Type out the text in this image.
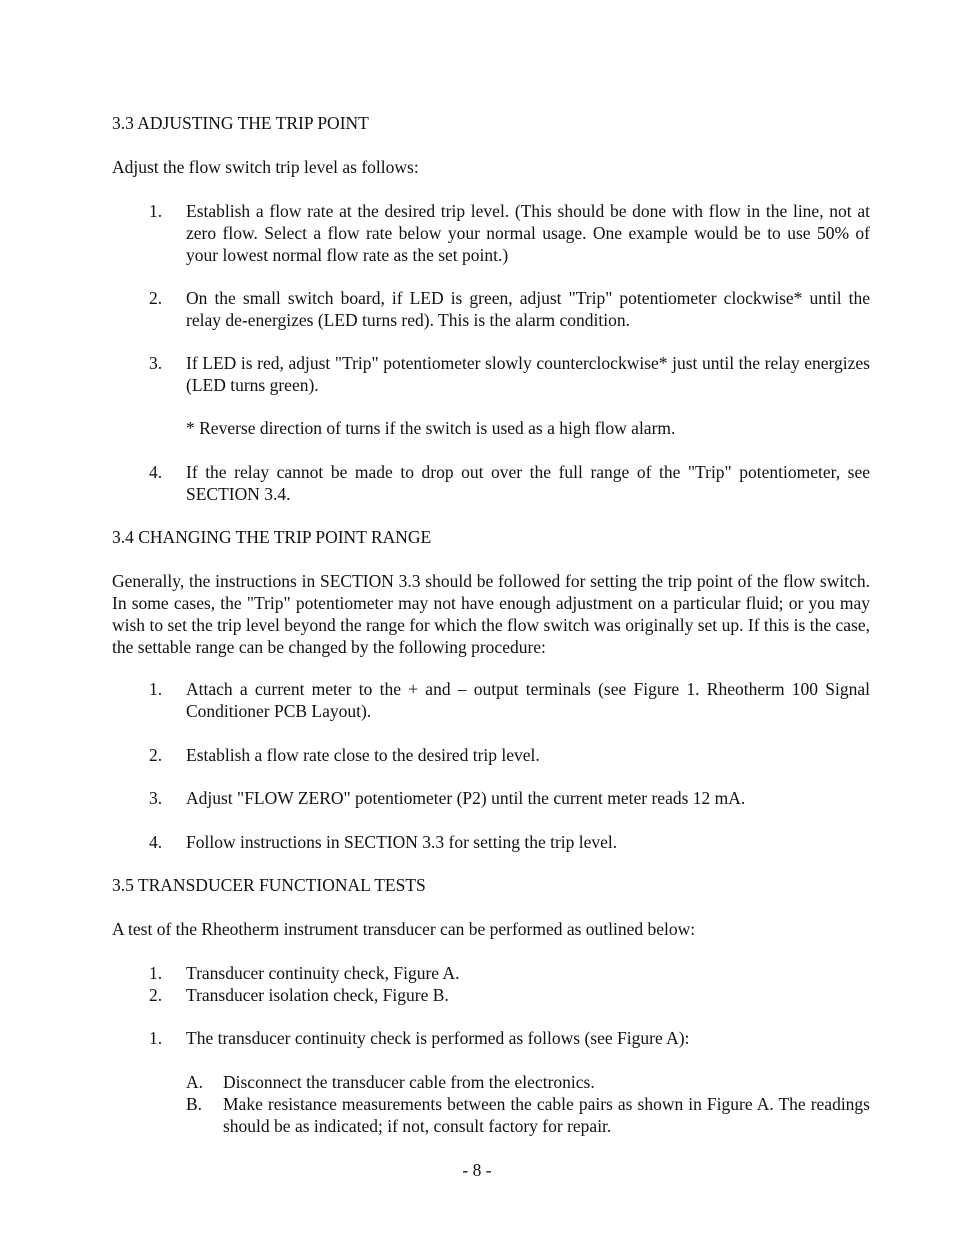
3.3 ADJUSTING THE TRIP POINT

Adjust the flow switch trip level as follows:

1. Establish a flow rate at the desired trip level. (This should be done with flow in the line, not at zero flow. Select a flow rate below your normal usage. One example would be to use 50% of your lowest normal flow rate as the set point.)
2. On the small switch board, if LED is green, adjust "Trip" potentiometer clockwise* until the relay de-energizes (LED turns red). This is the alarm condition.
3. If LED is red, adjust "Trip" potentiometer slowly counterclockwise* just until the relay energizes (LED turns green).

* Reverse direction of turns if the switch is used as a high flow alarm.

4. If the relay cannot be made to drop out over the full range of the "Trip" potentiometer, see SECTION 3.4.

3.4 CHANGING THE TRIP POINT RANGE

Generally, the instructions in SECTION 3.3 should be followed for setting the trip point of the flow switch. In some cases, the "Trip" potentiometer may not have enough adjustment on a particular fluid; or you may wish to set the trip level beyond the range for which the flow switch was originally set up. If this is the case, the settable range can be changed by the following procedure:

1. Attach a current meter to the + and – output terminals (see Figure 1. Rheotherm 100 Signal Conditioner PCB Layout).
2. Establish a flow rate close to the desired trip level.
3. Adjust "FLOW ZERO" potentiometer (P2) until the current meter reads 12 mA.
4. Follow instructions in SECTION 3.3 for setting the trip level.

3.5 TRANSDUCER FUNCTIONAL TESTS

A test of the Rheotherm instrument transducer can be performed as outlined below:

1. Transducer continuity check, Figure A.
2. Transducer isolation check, Figure B.
1. The transducer continuity check is performed as follows (see Figure A):
A. Disconnect the transducer cable from the electronics.
B. Make resistance measurements between the cable pairs as shown in Figure A. The readings should be as indicated; if not, consult factory for repair.
- 8 -
